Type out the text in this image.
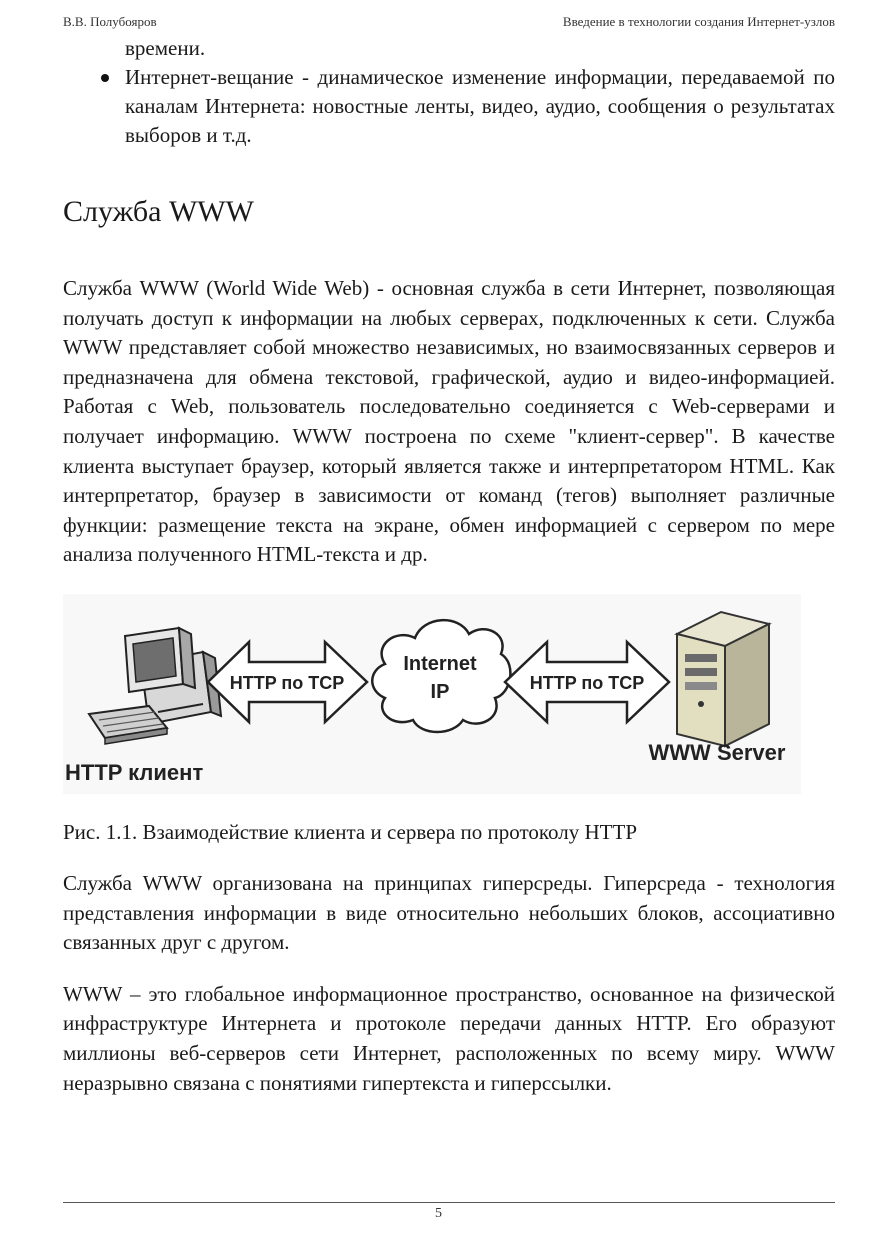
В.В. Полубояров	Введение в технологии создания Интернет-узлов
времени.
Интернет-вещание - динамическое изменение информации, передаваемой по каналам Интернета: новостные ленты, видео, аудио, сообщения о результатах выборов и т.д.
Служба WWW

Служба WWW (World Wide Web) - основная служба в сети Интернет, позволяющая получать доступ к информации на любых серверах, подключенных к сети. Служба WWW представляет собой множество независимых, но взаимосвязанных серверов и предназначена для обмена текстовой, графической, аудио и видео-информацией. Работая с Web, пользователь последовательно соединяется с Web-серверами и получает информацию. WWW построена по схеме "клиент-сервер". В качестве клиента выступает браузер, который является также и интерпретатором HTML. Как интерпретатор, браузер в зависимости от команд (тегов) выполняет различные функции: размещение текста на экране, обмен информацией с сервером по мере анализа полученного HTML-текста и др.

HTTP по TCP
Internet
IP	HTTP по TCP
WWW Server
HTTP клиент
Рис. 1.1. Взаимодействие клиента и сервера по протоколу HTTP

Служба WWW организована на принципах гиперсреды. Гиперсреда - технология представления информации в виде относительно небольших блоков, ассоциативно связанных друг с другом.

WWW – это глобальное информационное пространство, основанное на физической инфраструктуре Интернета и протоколе передачи данных HTTP. Его образуют миллионы веб-серверов сети Интернет, расположенных по всему миру. WWW неразрывно связана с понятиями гипертекста и гиперссылки.

5
